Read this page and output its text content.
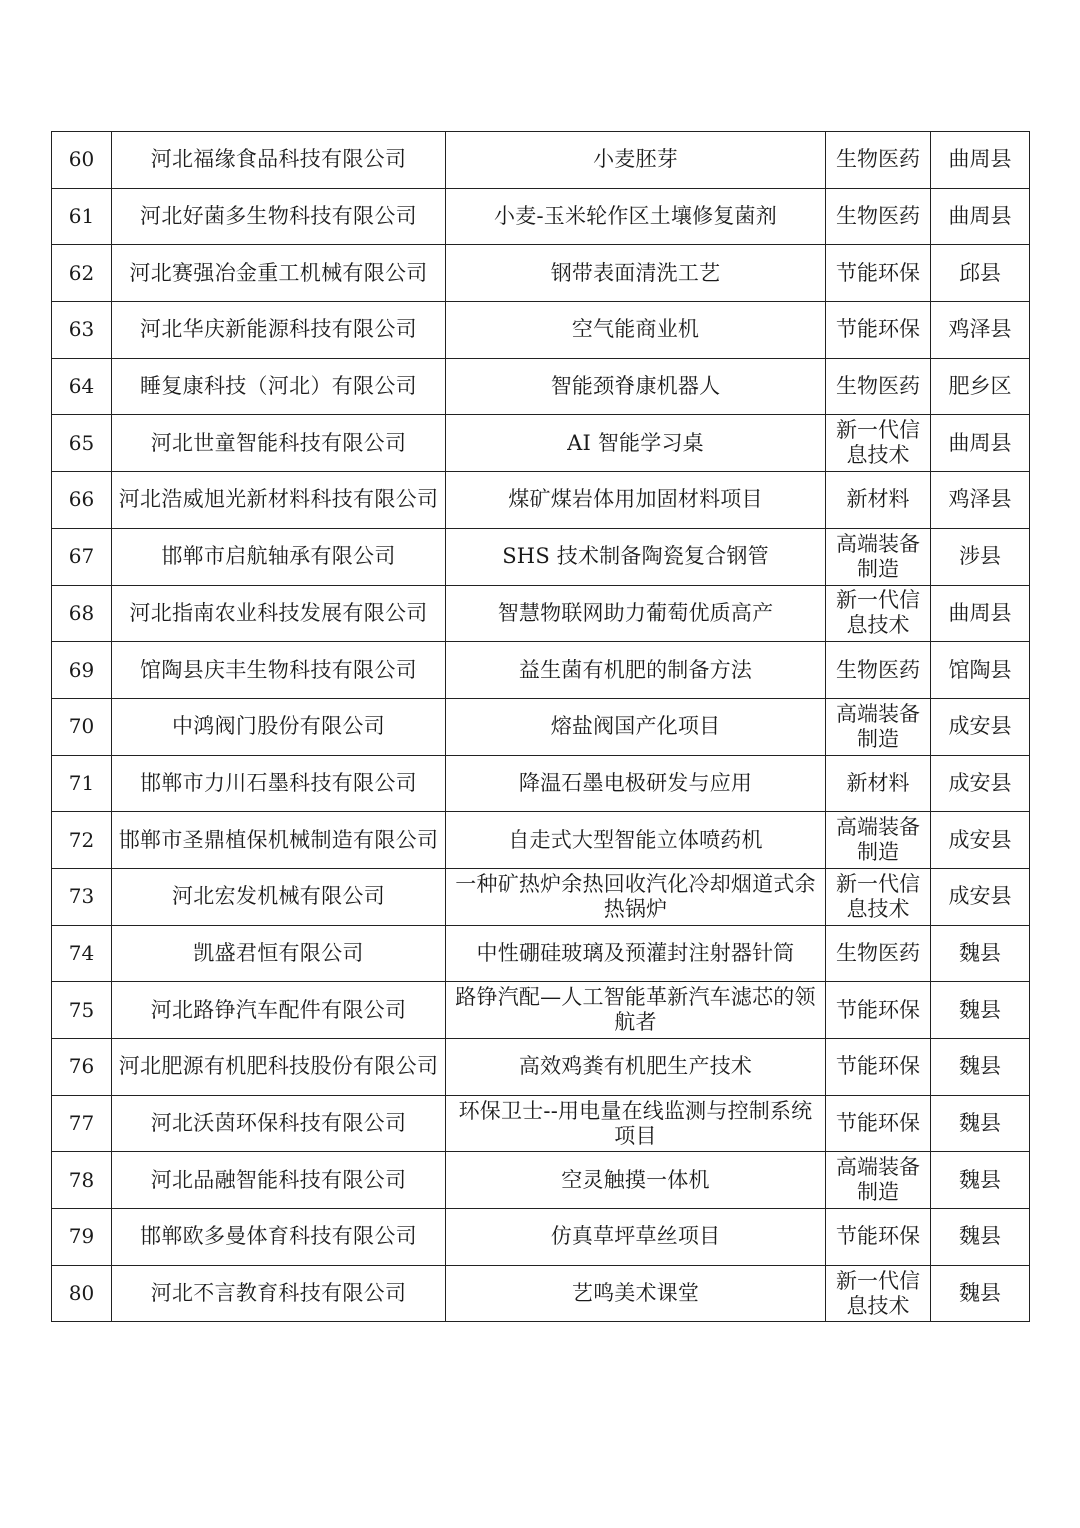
60	河北福缘食品科技有限公司	小麦胚芽	生物医药	曲周县
61	河北好菌多生物科技有限公司	小麦-玉米轮作区土壤修复菌剂	生物医药	曲周县
62	河北赛强冶金重工机械有限公司	钢带表面清洗工艺	节能环保	邱县
63	河北华庆新能源科技有限公司	空气能商业机	节能环保	鸡泽县
64	睡复康科技（河北）有限公司	智能颈脊康机器人	生物医药	肥乡区
65	河北世童智能科技有限公司	AI 智能学习桌	新一代信息技术	曲周县
66	河北浩威旭光新材料科技有限公司	煤矿煤岩体用加固材料项目	新材料	鸡泽县
67	邯郸市启航轴承有限公司	SHS 技术制备陶瓷复合钢管	高端装备制造	涉县
68	河北指南农业科技发展有限公司	智慧物联网助力葡萄优质高产	新一代信息技术	曲周县
69	馆陶县庆丰生物科技有限公司	益生菌有机肥的制备方法	生物医药	馆陶县
70	中鸿阀门股份有限公司	熔盐阀国产化项目	高端装备制造	成安县
71	邯郸市力川石墨科技有限公司	降温石墨电极研发与应用	新材料	成安县
72	邯郸市圣鼎植保机械制造有限公司	自走式大型智能立体喷药机	高端装备制造	成安县
73	河北宏发机械有限公司	一种矿热炉余热回收汽化冷却烟道式余热锅炉	新一代信息技术	成安县
74	凯盛君恒有限公司	中性硼硅玻璃及预灌封注射器针筒	生物医药	魏县
75	河北路铮汽车配件有限公司	路铮汽配—人工智能革新汽车滤芯的领航者	节能环保	魏县
76	河北肥源有机肥科技股份有限公司	高效鸡粪有机肥生产技术	节能环保	魏县
77	河北沃茵环保科技有限公司	环保卫士--用电量在线监测与控制系统项目	节能环保	魏县
78	河北品融智能科技有限公司	空灵触摸一体机	高端装备制造	魏县
79	邯郸欧多曼体育科技有限公司	仿真草坪草丝项目	节能环保	魏县
80	河北不言教育科技有限公司	艺鸣美术课堂	新一代信息技术	魏县
